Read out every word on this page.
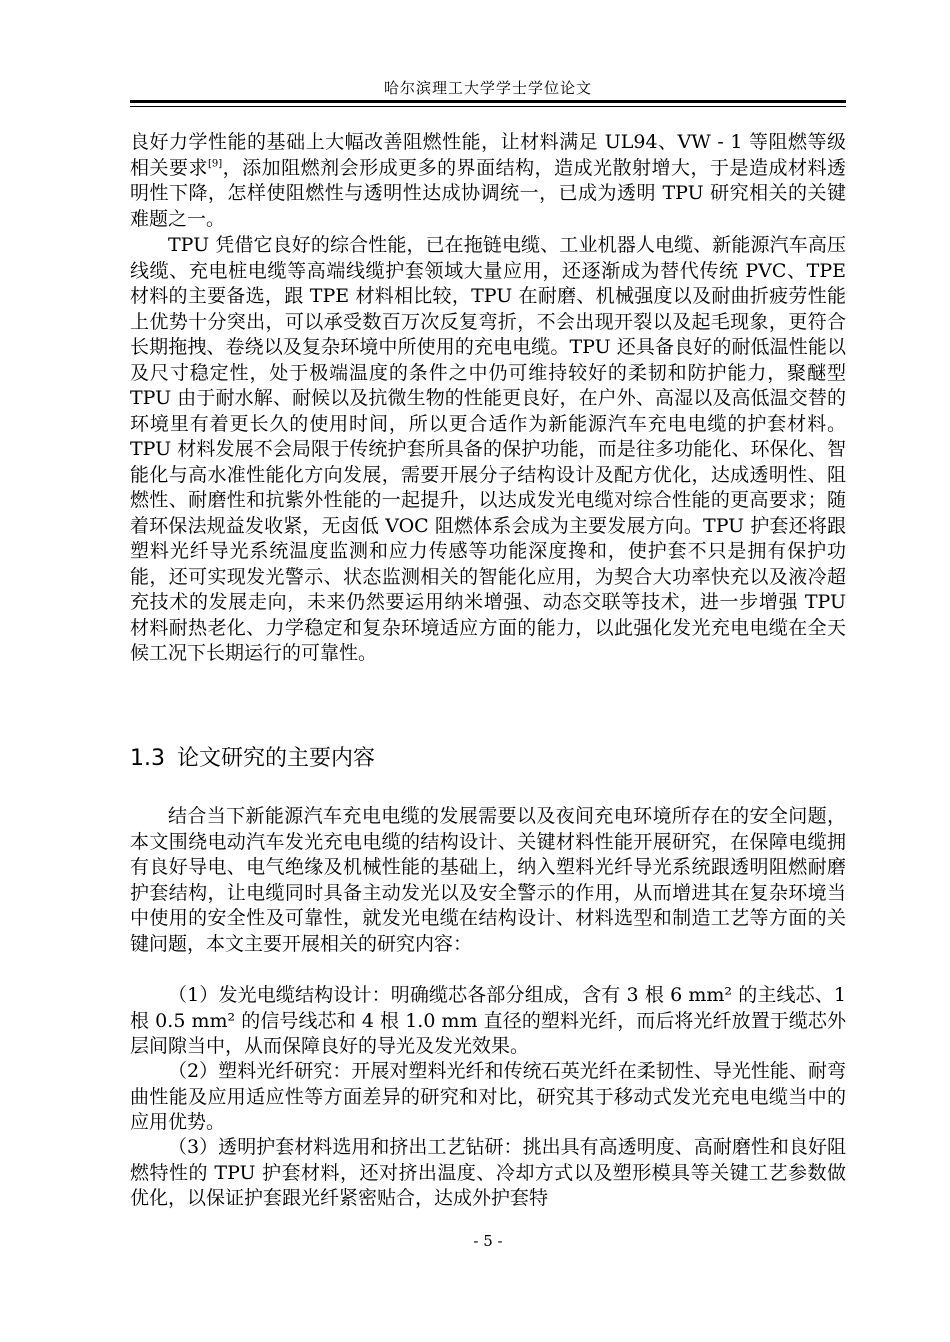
哈尔滨理工大学学士学位论文

良好力学性能的基础上大幅改善阻燃性能，让材料满足 UL94、VW - 1 等阻燃等级相关要求[9]，添加阻燃剂会形成更多的界面结构，造成光散射增大，于是造成材料透明性下降，怎样使阻燃性与透明性达成协调统一，已成为透明 TPU 研究相关的关键难题之一。

TPU 凭借它良好的综合性能，已在拖链电缆、工业机器人电缆、新能源汽车高压线缆、充电桩电缆等高端线缆护套领域大量应用，还逐渐成为替代传统 PVC、TPE 材料的主要备选，跟 TPE 材料相比较，TPU 在耐磨、机械强度以及耐曲折疲劳性能上优势十分突出，可以承受数百万次反复弯折，不会出现开裂以及起毛现象，更符合长期拖拽、卷绕以及复杂环境中所使用的充电电缆。TPU 还具备良好的耐低温性能以及尺寸稳定性，处于极端温度的条件之中仍可维持较好的柔韧和防护能力，聚醚型 TPU 由于耐水解、耐候以及抗微生物的性能更良好，在户外、高湿以及高低温交替的环境里有着更长久的使用时间，所以更合适作为新能源汽车充电电缆的护套材料。TPU 材料发展不会局限于传统护套所具备的保护功能，而是往多功能化、环保化、智能化与高水准性能化方向发展，需要开展分子结构设计及配方优化，达成透明性、阻燃性、耐磨性和抗紫外性能的一起提升，以达成发光电缆对综合性能的更高要求；随着环保法规益发收紧，无卤低 VOC 阻燃体系会成为主要发展方向。TPU 护套还将跟塑料光纤导光系统温度监测和应力传感等功能深度搀和，使护套不只是拥有保护功能，还可实现发光警示、状态监测相关的智能化应用，为契合大功率快充以及液冷超充技术的发展走向，未来仍然要运用纳米增强、动态交联等技术，进一步增强 TPU 材料耐热老化、力学稳定和复杂环境适应方面的能力，以此强化发光充电电缆在全天候工况下长期运行的可靠性。

1.3 论文研究的主要内容

结合当下新能源汽车充电电缆的发展需要以及夜间充电环境所存在的安全问题，本文围绕电动汽车发光充电电缆的结构设计、关键材料性能开展研究，在保障电缆拥有良好导电、电气绝缘及机械性能的基础上，纳入塑料光纤导光系统跟透明阻燃耐磨护套结构，让电缆同时具备主动发光以及安全警示的作用，从而增进其在复杂环境当中使用的安全性及可靠性，就发光电缆在结构设计、材料选型和制造工艺等方面的关键问题，本文主要开展相关的研究内容：

（1）发光电缆结构设计：明确缆芯各部分组成，含有 3 根 6 mm² 的主线芯、1 根 0.5 mm² 的信号线芯和 4 根 1.0 mm 直径的塑料光纤，而后将光纤放置于缆芯外层间隙当中，从而保障良好的导光及发光效果。

（2）塑料光纤研究：开展对塑料光纤和传统石英光纤在柔韧性、导光性能、耐弯曲性能及应用适应性等方面差异的研究和对比，研究其于移动式发光充电电缆当中的应用优势。

（3）透明护套材料选用和挤出工艺钻研：挑出具有高透明度、高耐磨性和良好阻燃特性的 TPU 护套材料，还对挤出温度、冷却方式以及塑形模具等关键工艺参数做优化，以保证护套跟光纤紧密贴合，达成外护套特

- 5 -
